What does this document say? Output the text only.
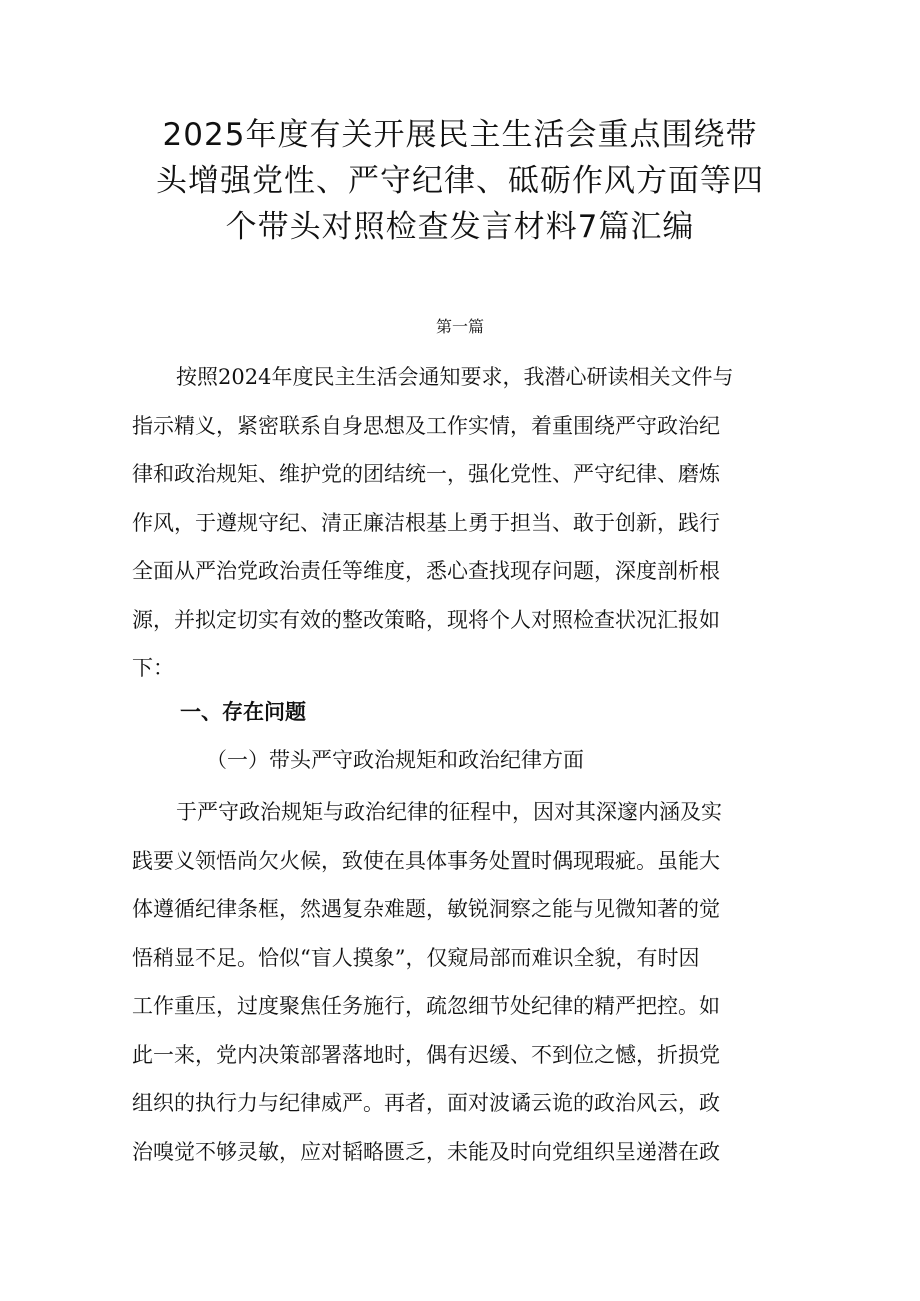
2025年度有关开展民主生活会重点围绕带
头增强党性、严守纪律、砥砺作风方面等四
个带头对照检查发言材料7篇汇编
第一篇
按照2024年度民主生活会通知要求，我潜心研读相关文件与
指示精义，紧密联系自身思想及工作实情，着重围绕严守政治纪
律和政治规矩、维护党的团结统一，强化党性、严守纪律、磨炼
作风，于遵规守纪、清正廉洁根基上勇于担当、敢于创新，践行
全面从严治党政治责任等维度，悉心查找现存问题，深度剖析根
源，并拟定切实有效的整改策略，现将个人对照检查状况汇报如
下：
一、存在问题
（一）带头严守政治规矩和政治纪律方面
于严守政治规矩与政治纪律的征程中，因对其深邃内涵及实
践要义领悟尚欠火候，致使在具体事务处置时偶现瑕疵。虽能大
体遵循纪律条框，然遇复杂难题，敏锐洞察之能与见微知著的觉
悟稍显不足。恰似“盲人摸象”，仅窥局部而难识全貌，有时因
工作重压，过度聚焦任务施行，疏忽细节处纪律的精严把控。如
此一来，党内决策部署落地时，偶有迟缓、不到位之憾，折损党
组织的执行力与纪律威严。再者，面对波谲云诡的政治风云，政
治嗅觉不够灵敏，应对韬略匮乏，未能及时向党组织呈递潜在政
